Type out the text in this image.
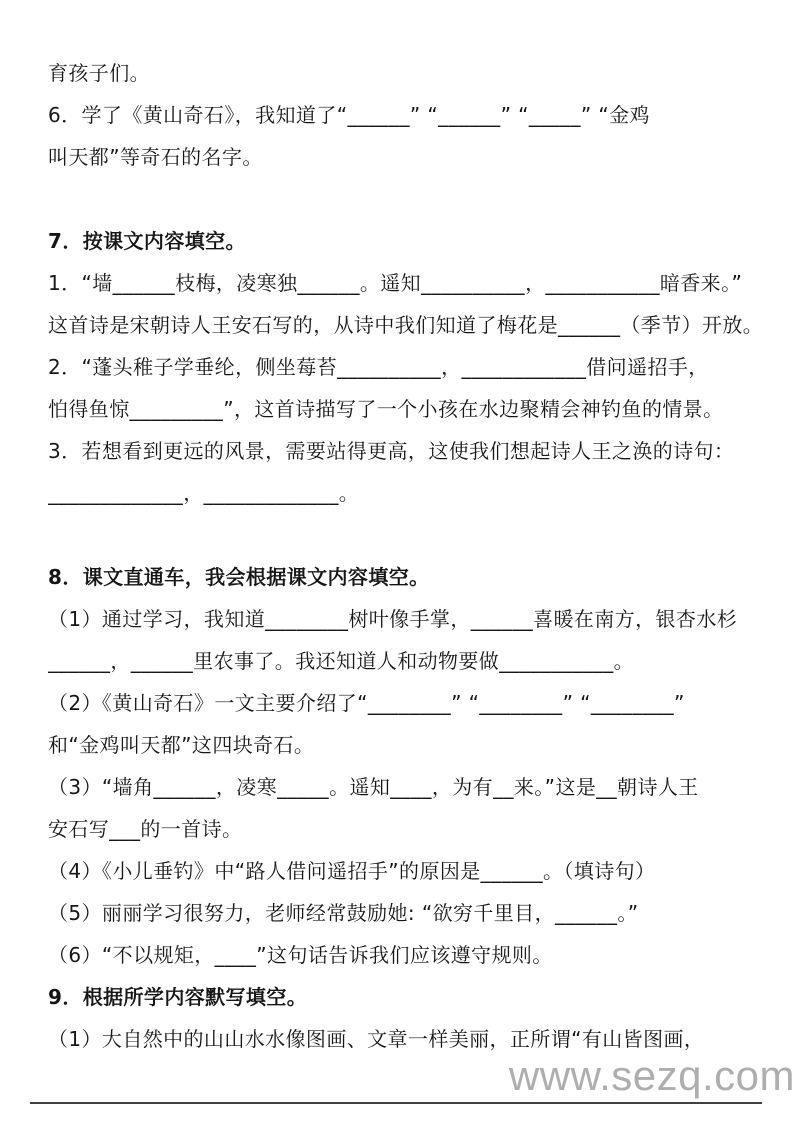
育孩子们。

6．学了《黄山奇石》，我知道了“______” “______” “_____” “金鸡

叫天都”等奇石的名字。

7．按课文内容填空。

1．“墙______枝梅，凌寒独______。遥知__________，___________暗香来。”

这首诗是宋朝诗人王安石写的，从诗中我们知道了梅花是______（季节）开放。

2．“蓬头稚子学垂纶，侧坐莓苔__________，____________借问遥招手，

怕得鱼惊_________”，这首诗描写了一个小孩在水边聚精会神钓鱼的情景。

3．若想看到更远的风景，需要站得更高，这使我们想起诗人王之涣的诗句：

_____________，_____________。

8．课文直通车，我会根据课文内容填空。

（1）通过学习，我知道________树叶像手掌，______喜暖在南方，银杏水杉

______，______里农事了。我还知道人和动物要做___________。

（2）《黄山奇石》一文主要介绍了“________” “________” “________”

和“金鸡叫天都”这四块奇石。

（3）“墙角______，凌寒_____。遥知____，为有__来。”这是__朝诗人王

安石写___的一首诗。

（4）《小儿垂钓》中“路人借问遥招手”的原因是______。（填诗句）

（5）丽丽学习很努力，老师经常鼓励她: “欲穷千里目，______。”

（6）“不以规矩，____”这句话告诉我们应该遵守规则。

9．根据所学内容默写填空。

（1）大自然中的山山水水像图画、文章一样美丽，正所谓“有山皆图画，

www.sezq.com
